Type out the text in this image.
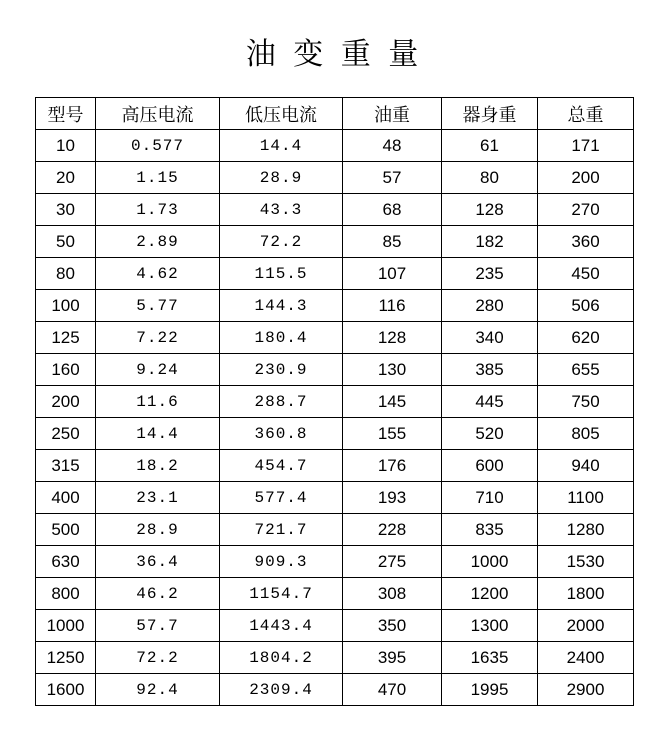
油 变 重 量
型号	高压电流	低压电流	油重	器身重	总重
10	0.577	14.4	48	61	171
20	1.15	28.9	57	80	200
30	1.73	43.3	68	128	270
50	2.89	72.2	85	182	360
80	4.62	115.5	107	235	450
100	5.77	144.3	116	280	506
125	7.22	180.4	128	340	620
160	9.24	230.9	130	385	655
200	11.6	288.7	145	445	750
250	14.4	360.8	155	520	805
315	18.2	454.7	176	600	940
400	23.1	577.4	193	710	1100
500	28.9	721.7	228	835	1280
630	36.4	909.3	275	1000	1530
800	46.2	1154.7	308	1200	1800
1000	57.7	1443.4	350	1300	2000
1250	72.2	1804.2	395	1635	2400
1600	92.4	2309.4	470	1995	2900
